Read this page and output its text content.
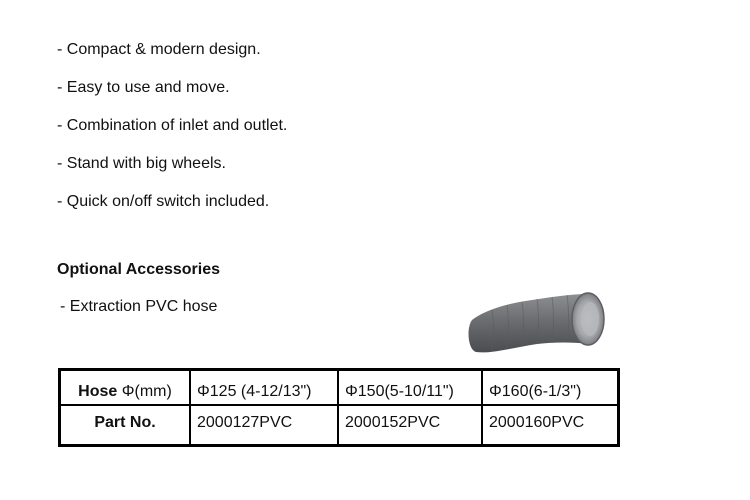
- Compact & modern design.
- Easy to use and move.
- Combination of inlet and outlet.
- Stand with big wheels.
- Quick on/off switch included.
Optional Accessories
- Extraction PVC hose
Hose Φ(mm)	Φ125 (4-12/13")	Φ150(5-10/11")	Φ160(6-1/3")
Part No.	2000127PVC	2000152PVC	2000160PVC
